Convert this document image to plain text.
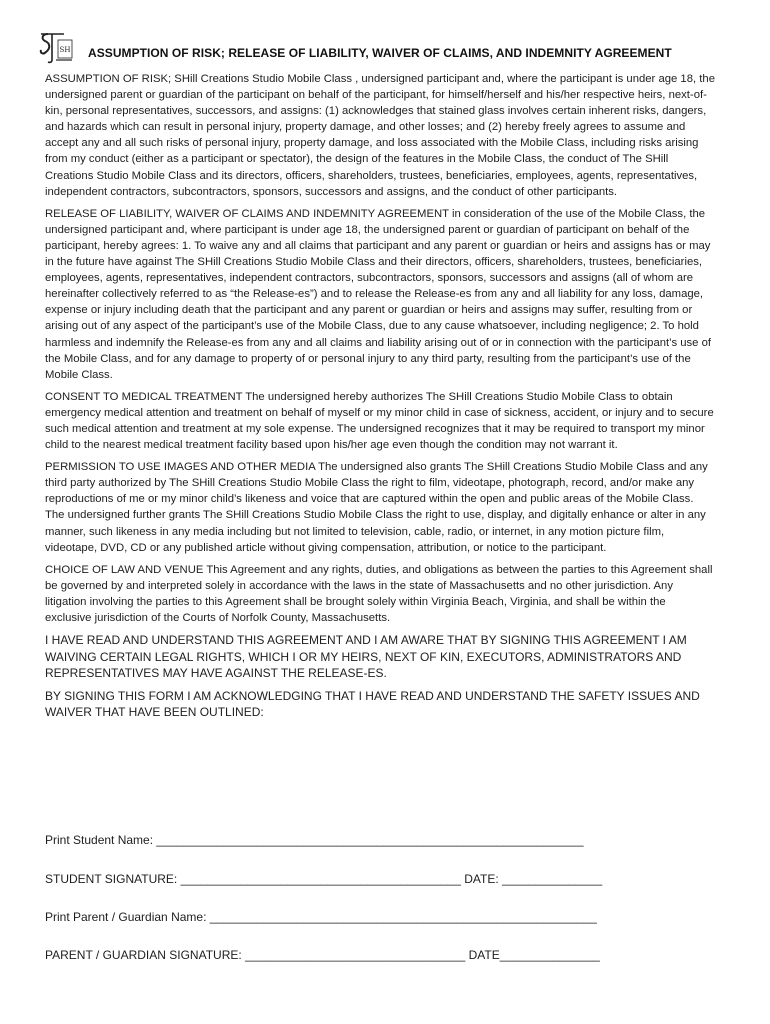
SH ASSUMPTION OF RISK; RELEASE OF LIABILITY, WAIVER OF CLAIMS, AND INDEMNITY AGREEMENT

ASSUMPTION OF RISK; SHill Creations Studio Mobile Class , undersigned participant and, where the participant is under age 18, the undersigned parent or guardian of the participant on behalf of the participant, for himself/herself and his/her respective heirs, next-of-kin, personal representatives, successors, and assigns: (1) acknowledges that stained glass involves certain inherent risks, dangers, and hazards which can result in personal injury, property damage, and other losses; and (2) hereby freely agrees to assume and accept any and all such risks of personal injury, property damage, and loss associated with the Mobile Class, including risks arising from my conduct (either as a participant or spectator), the design of the features in the Mobile Class, the conduct of The SHill Creations Studio Mobile Class and its directors, officers, shareholders, trustees, beneficiaries, employees, agents, representatives, independent contractors, subcontractors, sponsors, successors and assigns, and the conduct of other participants.

RELEASE OF LIABILITY, WAIVER OF CLAIMS AND INDEMNITY AGREEMENT in consideration of the use of the Mobile Class, the undersigned participant and, where participant is under age 18, the undersigned parent or guardian of participant on behalf of the participant, hereby agrees: 1. To waive any and all claims that participant and any parent or guardian or heirs and assigns has or may in the future have against The SHill Creations Studio Mobile Class and their directors, officers, shareholders, trustees, beneficiaries, employees, agents, representatives, independent contractors, subcontractors, sponsors, successors and assigns (all of whom are hereinafter collectively referred to as “the Release-es”) and to release the Release-es from any and all liability for any loss, damage, expense or injury including death that the participant and any parent or guardian or heirs and assigns may suffer, resulting from or arising out of any aspect of the participant’s use of the Mobile Class, due to any cause whatsoever, including negligence; 2. To hold harmless and indemnify the Release-es from any and all claims and liability arising out of or in connection with the participant’s use of the Mobile Class, and for any damage to property of or personal injury to any third party, resulting from the participant’s use of the Mobile Class.

CONSENT TO MEDICAL TREATMENT The undersigned hereby authorizes The SHill Creations Studio Mobile Class to obtain emergency medical attention and treatment on behalf of myself or my minor child in case of sickness, accident, or injury and to secure such medical attention and treatment at my sole expense. The undersigned recognizes that it may be required to transport my minor child to the nearest medical treatment facility based upon his/her age even though the condition may not warrant it.

PERMISSION TO USE IMAGES AND OTHER MEDIA The undersigned also grants The SHill Creations Studio Mobile Class and any third party authorized by The SHill Creations Studio Mobile Class the right to film, videotape, photograph, record, and/or make any reproductions of me or my minor child’s likeness and voice that are captured within the open and public areas of the Mobile Class. The undersigned further grants The SHill Creations Studio Mobile Class the right to use, display, and digitally enhance or alter in any manner, such likeness in any media including but not limited to television, cable, radio, or internet, in any motion picture film, videotape, DVD, CD or any published article without giving compensation, attribution, or notice to the participant.

CHOICE OF LAW AND VENUE This Agreement and any rights, duties, and obligations as between the parties to this Agreement shall be governed by and interpreted solely in accordance with the laws in the state of Massachusetts and no other jurisdiction. Any litigation involving the parties to this Agreement shall be brought solely within Virginia Beach, Virginia, and shall be within the exclusive jurisdiction of the Courts of Norfolk County, Massachusetts.

I HAVE READ AND UNDERSTAND THIS AGREEMENT AND I AM AWARE THAT BY SIGNING THIS AGREEMENT I AM WAIVING CERTAIN LEGAL RIGHTS, WHICH I OR MY HEIRS, NEXT OF KIN, EXECUTORS, ADMINISTRATORS AND REPRESENTATIVES MAY HAVE AGAINST THE RELEASE-ES.

BY SIGNING THIS FORM I AM ACKNOWLEDGING THAT I HAVE READ AND UNDERSTAND THE SAFETY ISSUES AND WAIVER THAT HAVE BEEN OUTLINED:

Print Student Name: ________________________________________________________________
STUDENT SIGNATURE: __________________________________________ DATE: _______________
Print Parent / Guardian Name: __________________________________________________________
PARENT / GUARDIAN SIGNATURE: _________________________________ DATE_______________
